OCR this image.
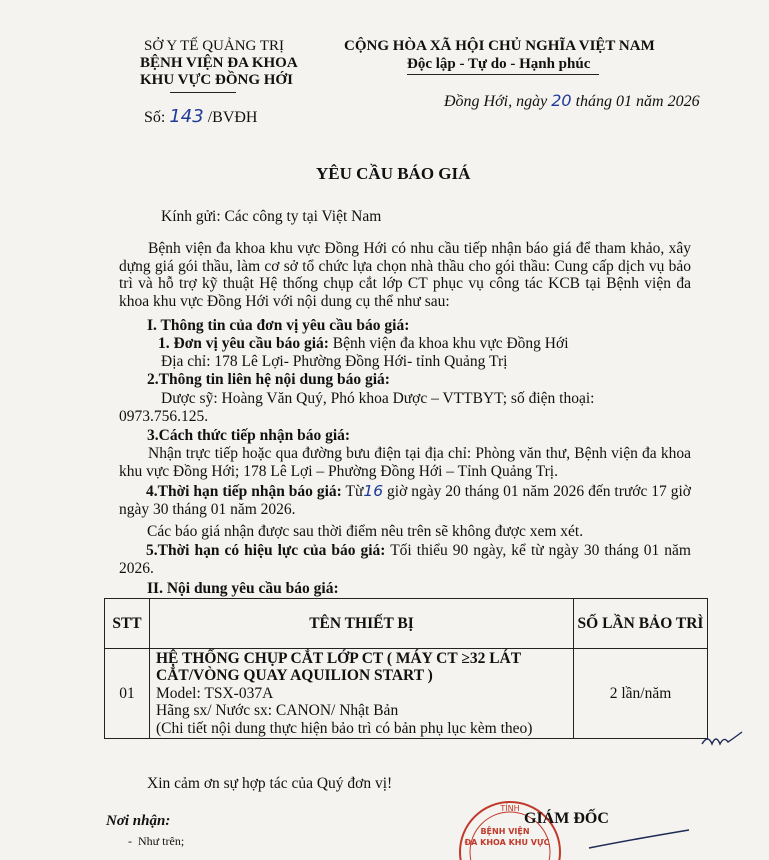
SỞ Y TẾ QUẢNG TRỊ
BỆNH VIỆN ĐA KHOA
KHU VỰC ĐỒNG HỚI
Số: 143 /BVĐH
CỘNG HÒA XÃ HỘI CHỦ NGHĨA VIỆT NAM
Độc lập - Tự do - Hạnh phúc
Đồng Hới, ngày 20 tháng 01 năm 2026
YÊU CẦU BÁO GIÁ
Kính gửi: Các công ty tại Việt Nam
Bệnh viện đa khoa khu vực Đồng Hới có nhu cầu tiếp nhận báo giá để tham khảo, xây dựng giá gói thầu, làm cơ sở tổ chức lựa chọn nhà thầu cho gói thầu: Cung cấp dịch vụ bảo trì và hỗ trợ kỹ thuật Hệ thống chụp cắt lớp CT phục vụ công tác KCB tại Bệnh viện đa khoa khu vực Đồng Hới với nội dung cụ thể như sau:
I. Thông tin của đơn vị yêu cầu báo giá:
1. Đơn vị yêu cầu báo giá: Bệnh viện đa khoa khu vực Đồng Hới
Địa chỉ: 178 Lê Lợi- Phường Đồng Hới- tỉnh Quảng Trị
2.Thông tin liên hệ nội dung báo giá:
Dược sỹ: Hoàng Văn Quý, Phó khoa Dược – VTTBYT; số điện thoại:
0973.756.125.
3.Cách thức tiếp nhận báo giá:
Nhận trực tiếp hoặc qua đường bưu điện tại địa chỉ: Phòng văn thư, Bệnh viện đa khoa khu vực Đồng Hới; 178 Lê Lợi – Phường Đồng Hới – Tỉnh Quảng Trị.
4.Thời hạn tiếp nhận báo giá: Từ16 giờ ngày 20 tháng 01 năm 2026 đến trước 17 giờ ngày 30 tháng 01 năm 2026.
Các báo giá nhận được sau thời điểm nêu trên sẽ không được xem xét.
5.Thời hạn có hiệu lực của báo giá: Tối thiểu 90 ngày, kể từ ngày 30 tháng 01 năm 2026.
II. Nội dung yêu cầu báo giá:
STT	TÊN THIẾT BỊ	SỐ LẦN BẢO TRÌ
01	HỆ THỐNG CHỤP CẮT LỚP CT ( MÁY CT ≥32 LÁT
CẮT/VÒNG QUAY AQUILION START )
Model: TSX-037A
Hãng sx/ Nước sx: CANON/ Nhật Bản
(Chi tiết nội dung thực hiện bảo trì có bản phụ lục kèm theo)	2 lần/năm
Xin cảm ơn sự hợp tác của Quý đơn vị!
Nơi nhận:
-  Như trên;
TỈNH
BỆNH VIỆN
ĐA KHOA KHU VỰC
GIÁM ĐỐC
